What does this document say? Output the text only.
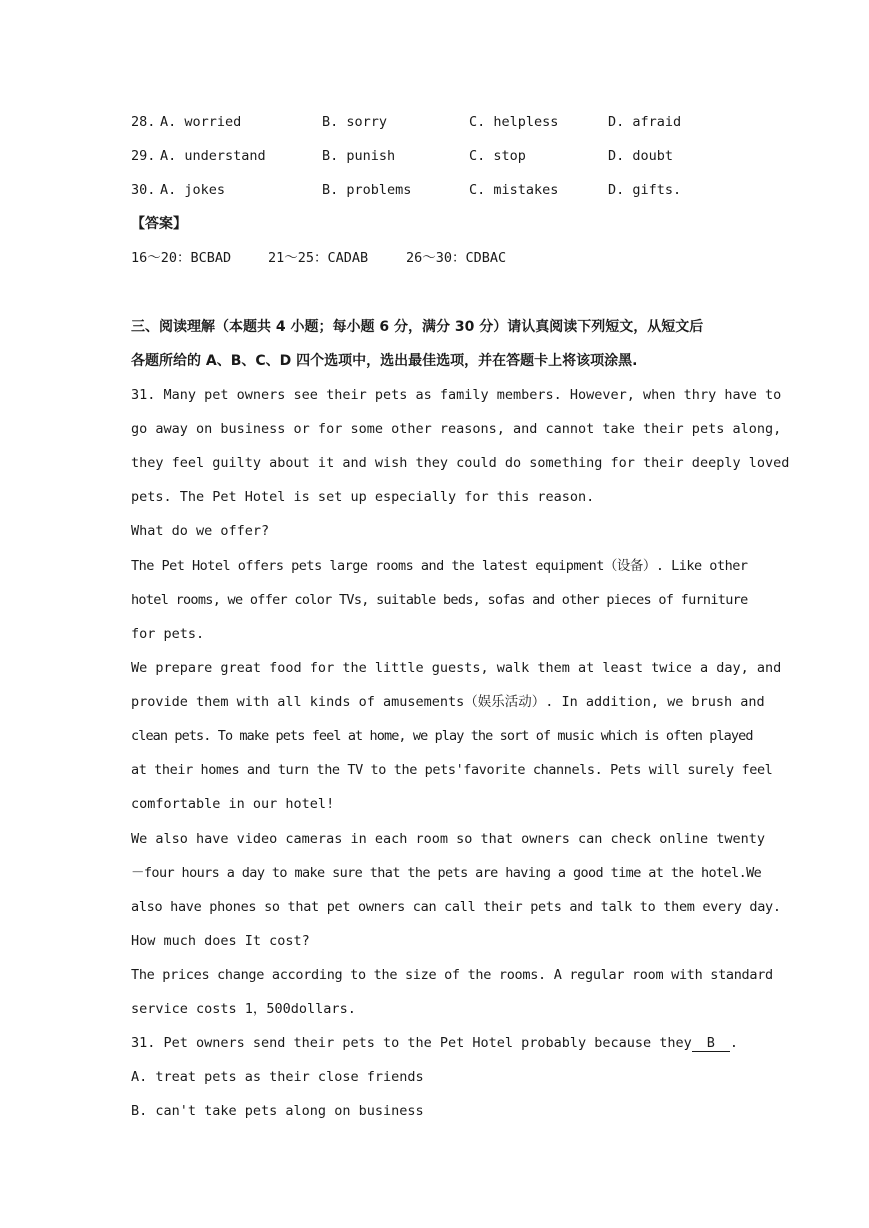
28. A. worried	B. sorry	C. helpless	D. afraid
29. A. understand	B. punish	C. stop	D. doubt
30. A. jokes	B. problems	C. mistakes	D. gifts.
【答案】
16～20：BCBAD	21～25：CADAB	26～30：CDBAC
三、阅读理解（本题共 4 小题；每小题 6 分，满分 30 分）请认真阅读下列短文，从短文后
各题所给的 A、B、C、D 四个选项中，选出最佳选项，并在答题卡上将该项涂黑.
31. Many pet owners see their pets as family members. However, when thry have to
go away on business or for some other reasons, and cannot take their pets along,
they feel guilty about it and wish they could do something for their deeply loved
pets. The Pet Hotel is set up especially for this reason.
What do we offer?
The Pet Hotel offers pets large rooms and the latest equipment（设备）. Like other
hotel rooms, we offer color TVs, suitable beds, sofas and other pieces of furniture
for pets.
We prepare great food for the little guests, walk them at least twice a day, and
provide them with all kinds of amusements（娱乐活动）. In addition, we brush and
clean pets. To make pets feel at home, we play the sort of music which is often played
at their homes and turn the TV to the pets'favorite channels. Pets will surely feel
comfortable in our hotel!
We also have video cameras in each room so that owners can check online twenty
－four hours a day to make sure that the pets are having a good time at the hotel.We
also have phones so that pet owners can call their pets and talk to them every day.
How much does It cost?
The prices change according to the size of the rooms. A regular room with standard
service costs 1，500dollars.
31. Pet owners send their pets to the Pet Hotel probably because they B .
A. treat pets as their close friends
B. can't take pets along on business
